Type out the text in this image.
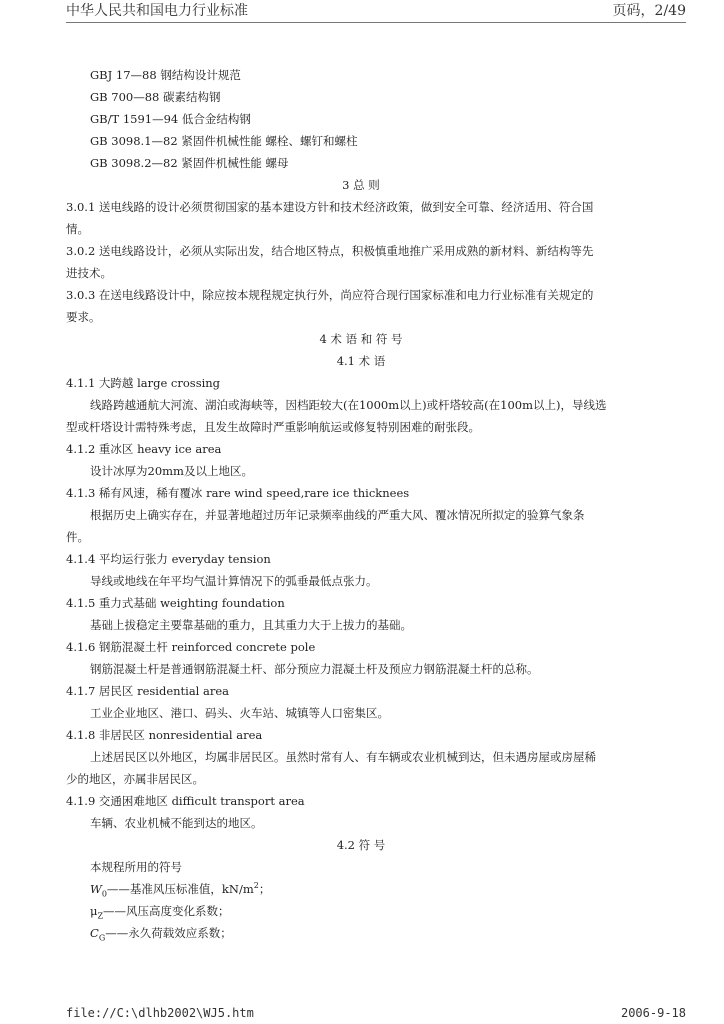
中华人民共和国电力行业标准	页码，2/49

GBJ 17—88 钢结构设计规范

GB 700—88 碳素结构钢

GB/T 1591—94 低合金结构钢

GB 3098.1—82 紧固件机械性能 螺栓、螺钉和螺柱

GB 3098.2—82 紧固件机械性能 螺母

3 总 则

3.0.1 送电线路的设计必须贯彻国家的基本建设方针和技术经济政策，做到安全可靠、经济适用、符合国

情。

3.0.2 送电线路设计，必须从实际出发，结合地区特点，积极慎重地推广采用成熟的新材料、新结构等先

进技术。

3.0.3 在送电线路设计中，除应按本规程规定执行外，尚应符合现行国家标准和电力行业标准有关规定的

要求。

4 术 语 和 符 号

4.1 术 语

4.1.1 大跨越 large crossing

线路跨越通航大河流、湖泊或海峡等，因档距较大(在1000m以上)或杆塔较高(在100m以上)，导线选

型或杆塔设计需特殊考虑，且发生故障时严重影响航运或修复特别困难的耐张段。

4.1.2 重冰区 heavy ice area

设计冰厚为20mm及以上地区。

4.1.3 稀有风速，稀有覆冰 rare wind speed,rare ice thicknees

根据历史上确实存在，并显著地超过历年记录频率曲线的严重大风、覆冰情况所拟定的验算气象条

件。

4.1.4 平均运行张力 everyday tension

导线或地线在年平均气温计算情况下的弧垂最低点张力。

4.1.5 重力式基础 weighting foundation

基础上拔稳定主要靠基础的重力，且其重力大于上拔力的基础。

4.1.6 钢筋混凝土杆 reinforced concrete pole

钢筋混凝土杆是普通钢筋混凝土杆、部分预应力混凝土杆及预应力钢筋混凝土杆的总称。

4.1.7 居民区 residential area

工业企业地区、港口、码头、火车站、城镇等人口密集区。

4.1.8 非居民区 nonresidential area

上述居民区以外地区，均属非居民区。虽然时常有人、有车辆或农业机械到达，但未遇房屋或房屋稀

少的地区，亦属非居民区。

4.1.9 交通困难地区 difficult transport area

车辆、农业机械不能到达的地区。

4.2 符 号

本规程所用的符号

$W_0——$基准风压标准值，$kN/m^2$；

$\mu_Z——$风压高度变化系数；

$C_G——$永久荷载效应系数；

file://C:\dlhb2002\WJ5.htm	2006-9-18
